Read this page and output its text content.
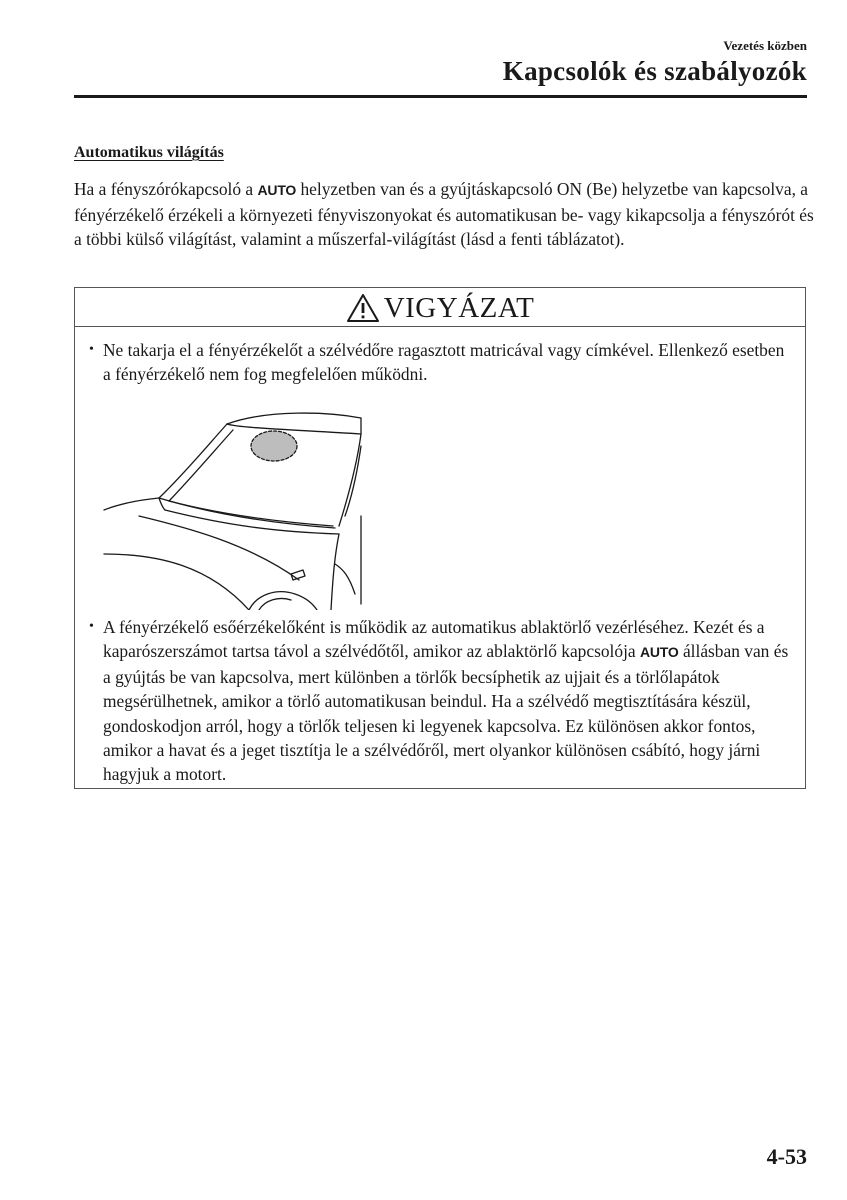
Vezetés közben
Kapcsolók és szabályozók
Automatikus világítás
Ha a fényszórókapcsoló a AUTO helyzetben van és a gyújtáskapcsoló ON (Be) helyzetbe van kapcsolva, a fényérzékelő érzékeli a környezeti fényviszonyokat és automatikusan be- vagy kikapcsolja a fényszórót és a többi külső világítást, valamint a műszerfal-világítást (lásd a fenti táblázatot).
VIGYÁZAT
• Ne takarja el a fényérzékelőt a szélvédőre ragasztott matricával vagy címkével. Ellenkező esetben a fényérzékelő nem fog megfelelően működni.
• A fényérzékelő esőérzékelőként is működik az automatikus ablaktörlő vezérléséhez. Kezét és a kaparószerszámot tartsa távol a szélvédőtől, amikor az ablaktörlő kapcsolója AUTO állásban van és a gyújtás be van kapcsolva, mert különben a törlők becsíphetik az ujjait és a törlőlapátok megsérülhetnek, amikor a törlő automatikusan beindul. Ha a szélvédő megtisztítására készül, gondoskodjon arról, hogy a törlők teljesen ki legyenek kapcsolva. Ez különösen akkor fontos, amikor a havat és a jeget tisztítja le a szélvédőről, mert olyankor különösen csábító, hogy járni hagyjuk a motort.
4-53
